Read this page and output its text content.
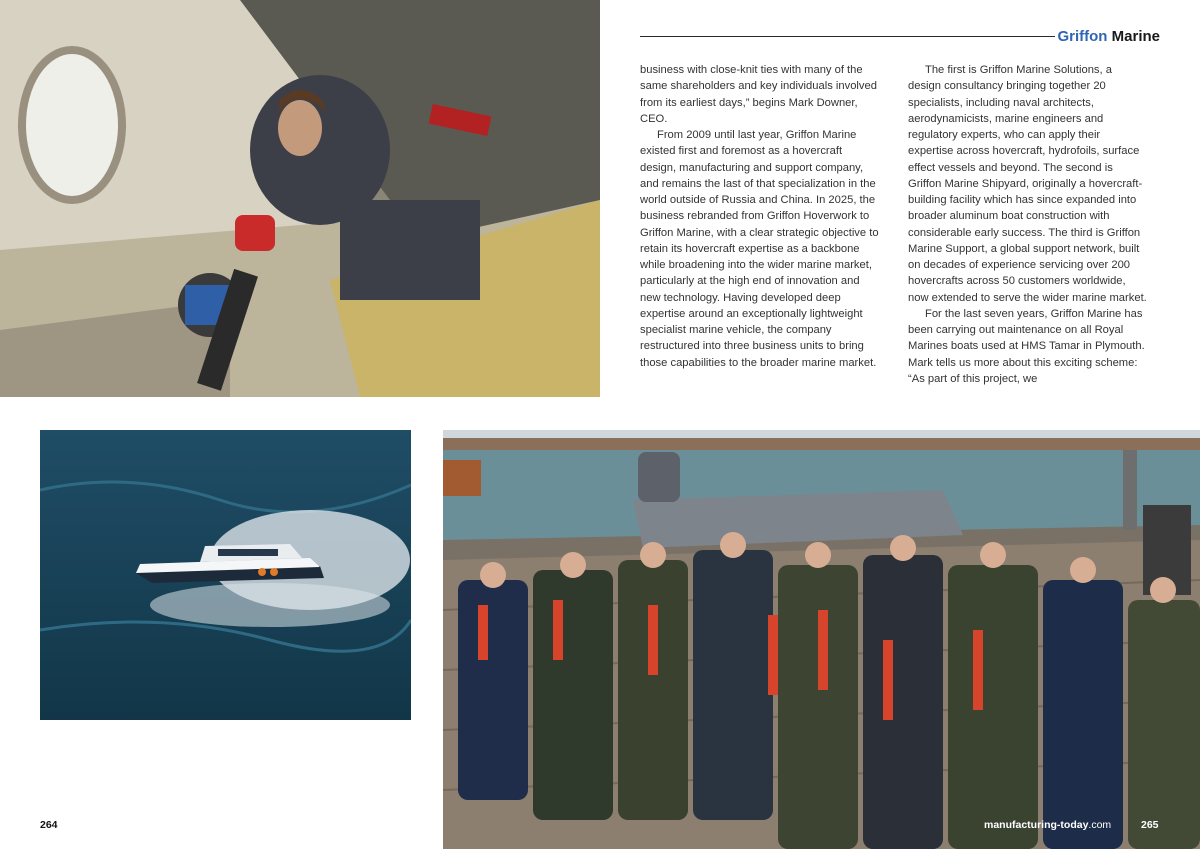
Griffon Marine

business with close-knit ties with many of the same shareholders and key individuals involved from its earliest days,” begins Mark Downer, CEO.

From 2009 until last year, Griffon Marine existed first and foremost as a hovercraft design, manufacturing and support company, and remains the last of that specialization in the world outside of Russia and China. In 2025, the business rebranded from Griffon Hoverwork to Griffon Marine, with a clear strategic objective to retain its hovercraft expertise as a backbone while broadening into the wider marine market, particularly at the high end of innovation and new technology. Having developed deep expertise around an exceptionally lightweight specialist marine vehicle, the company restructured into three business units to bring those capabilities to the broader marine market.

The first is Griffon Marine Solutions, a design consultancy bringing together 20 specialists, including naval architects, aerodynamicists, marine engineers and regulatory experts, who can apply their expertise across hovercraft, hydrofoils, surface effect vessels and beyond. The second is Griffon Marine Shipyard, originally a hovercraft-building facility which has since expanded into broader aluminum boat construction with considerable early success. The third is Griffon Marine Support, a global support network, built on decades of experience servicing over 200 hovercrafts across 50 customers worldwide, now extended to serve the wider marine market.

For the last seven years, Griffon Marine has been carrying out maintenance on all Royal Marines boats used at HMS Tamar in Plymouth. Mark tells us more about this exciting scheme: “As part of this project, we

264	manufacturing-today.com	265
